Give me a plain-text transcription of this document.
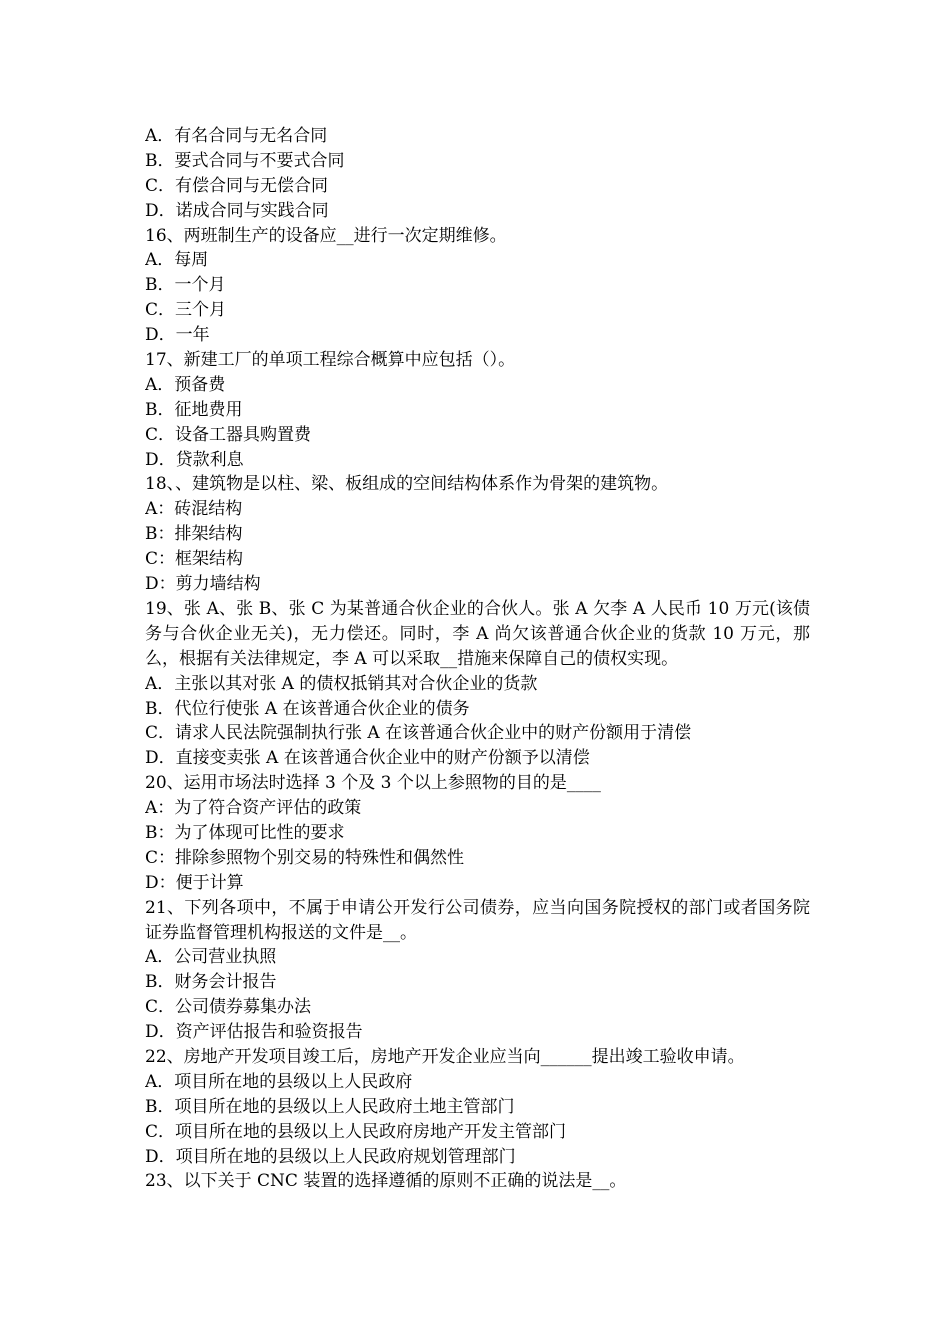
A．有名合同与无名合同
B．要式合同与不要式合同
C．有偿合同与无偿合同
D．诺成合同与实践合同
16、两班制生产的设备应__进行一次定期维修。
A．每周
B．一个月
C．三个月
D．一年
17、新建工厂的单项工程综合概算中应包括（）。
A．预备费
B．征地费用
C．设备工器具购置费
D．贷款利息
18、、建筑物是以柱、梁、板组成的空间结构体系作为骨架的建筑物。
A：砖混结构
B：排架结构
C：框架结构
D：剪力墙结构
19、张 A、张 B、张 C 为某普通合伙企业的合伙人。张 A 欠李 A 人民币 10 万元(该债务与合伙企业无关)，无力偿还。同时，李 A 尚欠该普通合伙企业的货款 10 万元，那么，根据有关法律规定，李 A 可以采取__措施来保障自己的债权实现。
A．主张以其对张 A 的债权抵销其对合伙企业的货款
B．代位行使张 A 在该普通合伙企业的债务
C．请求人民法院强制执行张 A 在该普通合伙企业中的财产份额用于清偿
D．直接变卖张 A 在该普通合伙企业中的财产份额予以清偿
20、运用市场法时选择 3 个及 3 个以上参照物的目的是____
A：为了符合资产评估的政策
B：为了体现可比性的要求
C：排除参照物个别交易的特殊性和偶然性
D：便于计算
21、下列各项中，不属于申请公开发行公司债券，应当向国务院授权的部门或者国务院证券监督管理机构报送的文件是__。
A．公司营业执照
B．财务会计报告
C．公司债券募集办法
D．资产评估报告和验资报告
22、房地产开发项目竣工后，房地产开发企业应当向______提出竣工验收申请。
A．项目所在地的县级以上人民政府
B．项目所在地的县级以上人民政府土地主管部门
C．项目所在地的县级以上人民政府房地产开发主管部门
D．项目所在地的县级以上人民政府规划管理部门
23、以下关于 CNC 装置的选择遵循的原则不正确的说法是__。
